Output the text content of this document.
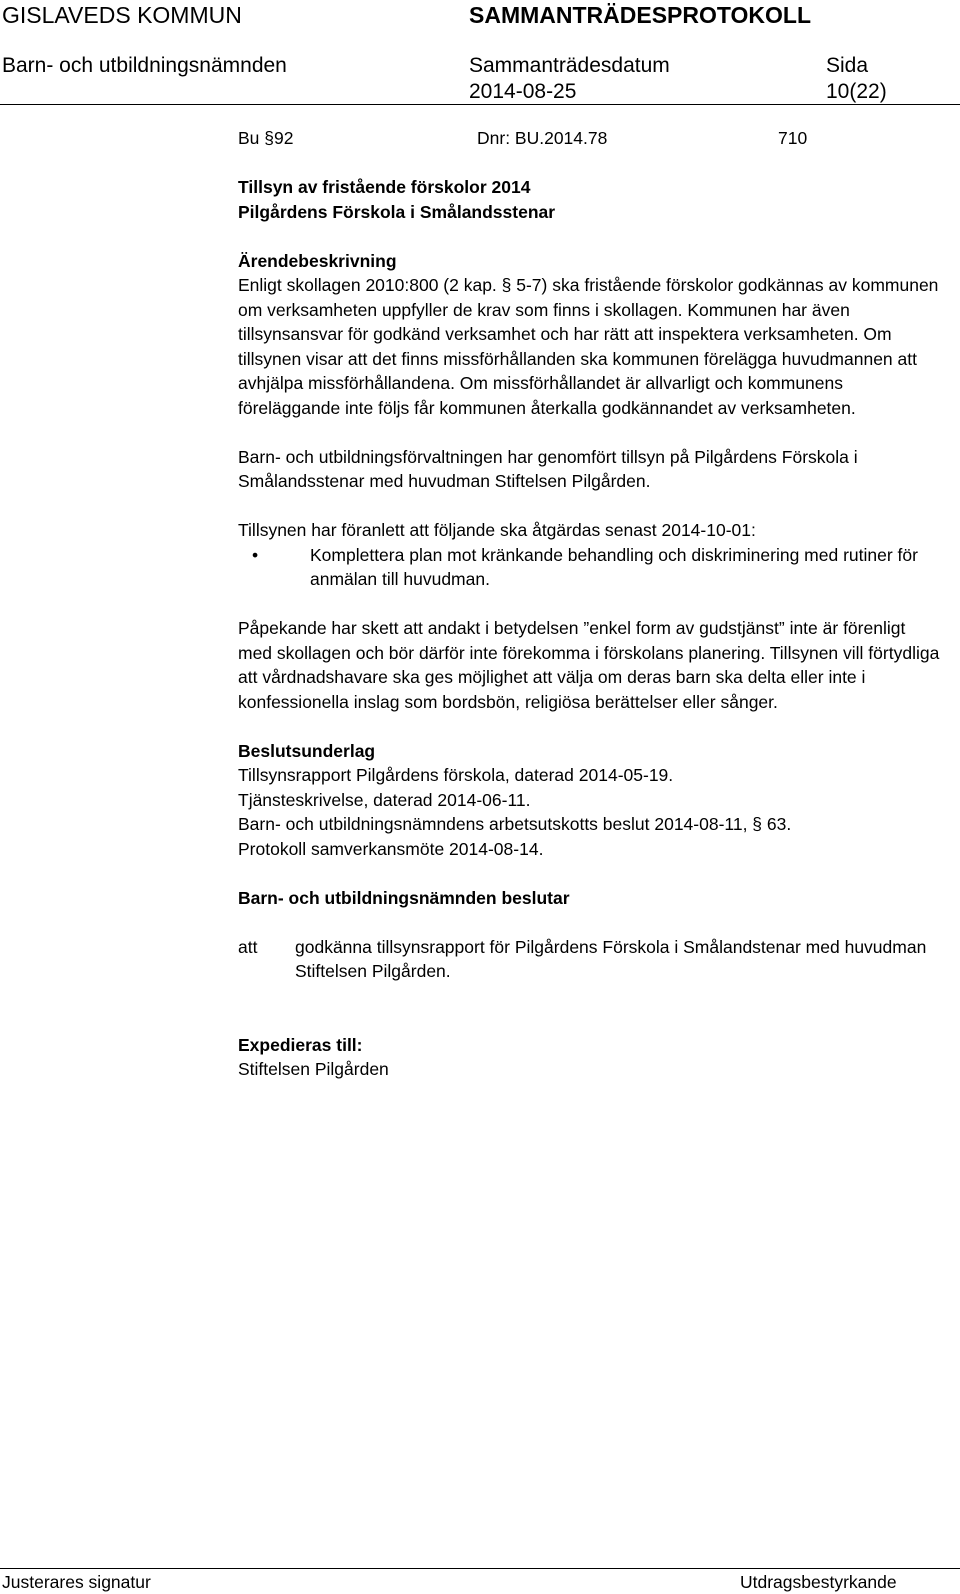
GISLAVEDS KOMMUN	SAMMANTRÄDESPROTOKOLL
Barn- och utbildningsnämnden	Sammanträdesdatum
2014-08-25
Sida
10(22)
Bu §92	Dnr: BU.2014.78	710

Tillsyn av fristående förskolor 2014

Pilgårdens Förskola i Smålandsstenar

Ärendebeskrivning

Enligt skollagen 2010:800 (2 kap. § 5-7) ska fristående förskolor godkännas av kommunen om verksamheten uppfyller de krav som finns i skollagen. Kommunen har även tillsynsansvar för godkänd verksamhet och har rätt att inspektera verksamheten. Om tillsynen visar att det finns missförhållanden ska kommunen förelägga huvudmannen att avhjälpa missförhållandena. Om missförhållandet är allvarligt och kommunens föreläggande inte följs får kommunen återkalla godkännandet av verksamheten.

Barn- och utbildningsförvaltningen har genomfört tillsyn på Pilgårdens Förskola i Smålandsstenar med huvudman Stiftelsen Pilgården.

Tillsynen har föranlett att följande ska åtgärdas senast 2014-10-01:

•
Komplettera plan mot kränkande behandling och diskriminering med rutiner för anmälan till huvudman.

Påpekande har skett att andakt i betydelsen ”enkel form av gudstjänst” inte är förenligt med skollagen och bör därför inte förekomma i förskolans planering. Tillsynen vill förtydliga att vårdnadshavare ska ges möjlighet att välja om deras barn ska delta eller inte i konfessionella inslag som bordsbön, religiösa berättelser eller sånger.

Beslutsunderlag

Tillsynsrapport Pilgårdens förskola, daterad 2014-05-19.

Tjänsteskrivelse, daterad 2014-06-11.

Barn- och utbildningsnämndens arbetsutskotts beslut 2014-08-11, § 63.

Protokoll samverkansmöte 2014-08-14.

Barn- och utbildningsnämnden beslutar

att	godkänna tillsynsrapport för Pilgårdens Förskola i Smålandstenar med huvudman Stiftelsen Pilgården.

Expedieras till:

Stiftelsen Pilgården

Justerares signatur	Utdragsbestyrkande
